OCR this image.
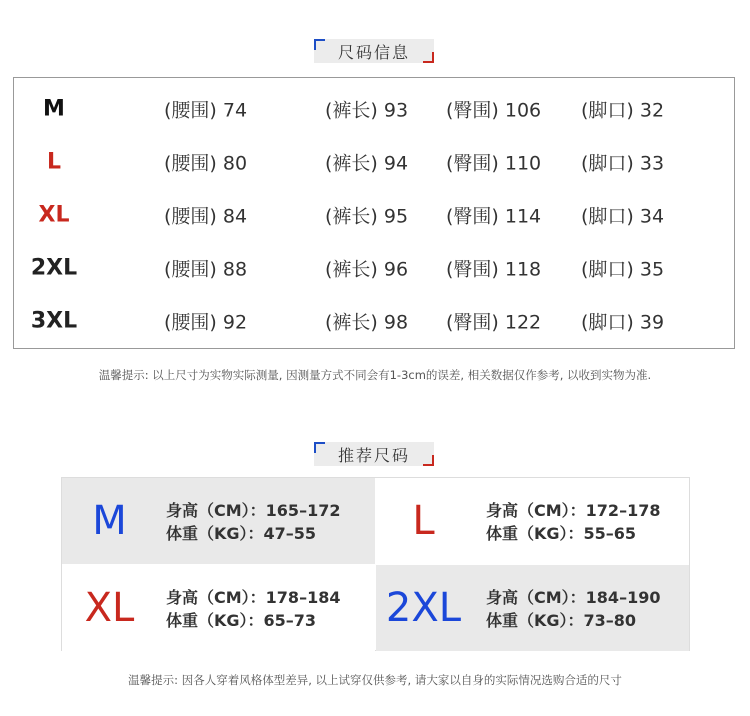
尺码信息
M	(腰围) 74	(裤长) 93 (臀围) 106 (脚口) 32
L	(腰围) 80	(裤长) 94 (臀围) 110 (脚口) 33
XL	(腰围) 84	(裤长) 95 (臀围) 114 (脚口) 34
2XL	(腰围) 88	(裤长) 96 (臀围) 118 (脚口) 35
3XL	(腰围) 92	(裤长) 98 (臀围) 122 (脚口) 39
温馨提示: 以上尺寸为实物实际测量, 因测量方式不同会有1-3cm的误差, 相关数据仅作参考, 以收到实物为准.
推荐尺码
M	身高（CM）：165–172
体重（KG）：47–55	L	身高（CM）：172–178
体重（KG）：55–65
XL	身高（CM）：178–184
体重（KG）：65–73	2XL	身高（CM）：184–190
体重（KG）：73–80
温馨提示: 因各人穿着风格体型差异, 以上试穿仅供参考, 请大家以自身的实际情况选购合适的尺寸
